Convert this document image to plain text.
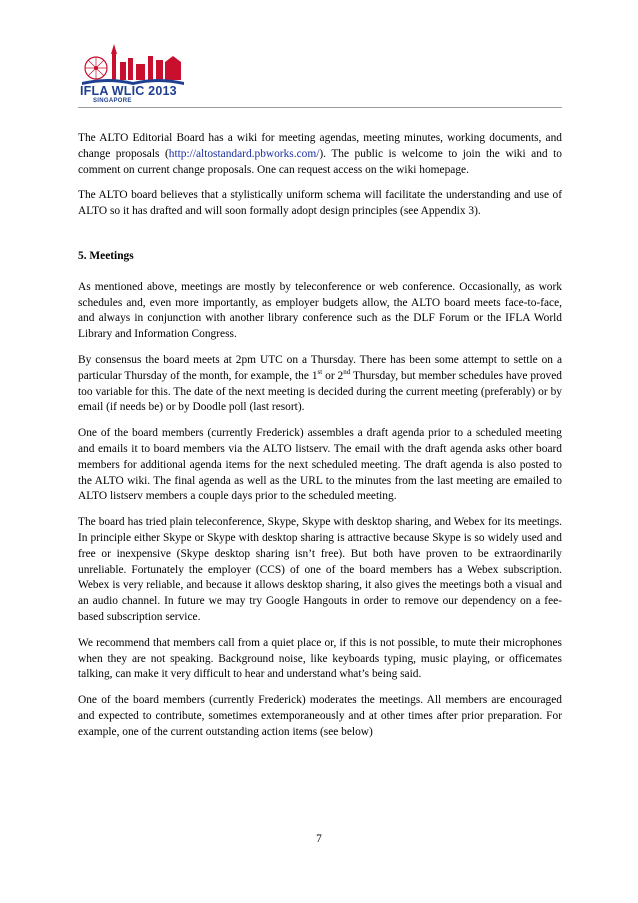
IFLA WLIC 2013
SINGAPORE

The ALTO Editorial Board has a wiki for meeting agendas, meeting minutes, working documents, and change proposals (http://altostandard.pbworks.com/). The public is welcome to join the wiki and to comment on current change proposals. One can request access on the wiki homepage.

The ALTO board believes that a stylistically uniform schema will facilitate the understanding and use of ALTO so it has drafted and will soon formally adopt design principles (see Appendix 3).

5. Meetings

As mentioned above, meetings are mostly by teleconference or web conference. Occasionally, as work schedules and, even more importantly, as employer budgets allow, the ALTO board meets face-to-face, and always in conjunction with another library conference such as the DLF Forum or the IFLA World Library and Information Congress.

By consensus the board meets at 2pm UTC on a Thursday. There has been some attempt to settle on a particular Thursday of the month, for example, the 1st or 2nd Thursday, but member schedules have proved too variable for this. The date of the next meeting is decided during the current meeting (preferably) or by email (if needs be) or by Doodle poll (last resort).

One of the board members (currently Frederick) assembles a draft agenda prior to a scheduled meeting and emails it to board members via the ALTO listserv. The email with the draft agenda asks other board members for additional agenda items for the next scheduled meeting. The draft agenda is also posted to the ALTO wiki. The final agenda as well as the URL to the minutes from the last meeting are emailed to ALTO listserv members a couple days prior to the scheduled meeting.

The board has tried plain teleconference, Skype, Skype with desktop sharing, and Webex for its meetings. In principle either Skype or Skype with desktop sharing is attractive because Skype is so widely used and free or inexpensive (Skype desktop sharing isn’t free). But both have proven to be extraordinarily unreliable. Fortunately the employer (CCS) of one of the board members has a Webex subscription. Webex is very reliable, and because it allows desktop sharing, it also gives the meetings both a visual and an audio channel. In future we may try Google Hangouts in order to remove our dependency on a fee-based subscription service.

We recommend that members call from a quiet place or, if this is not possible, to mute their microphones when they are not speaking. Background noise, like keyboards typing, music playing, or officemates talking, can make it very difficult to hear and understand what’s being said.

One of the board members (currently Frederick) moderates the meetings. All members are encouraged and expected to contribute, sometimes extemporaneously and at other times after prior preparation. For example, one of the current outstanding action items (see below)

7
